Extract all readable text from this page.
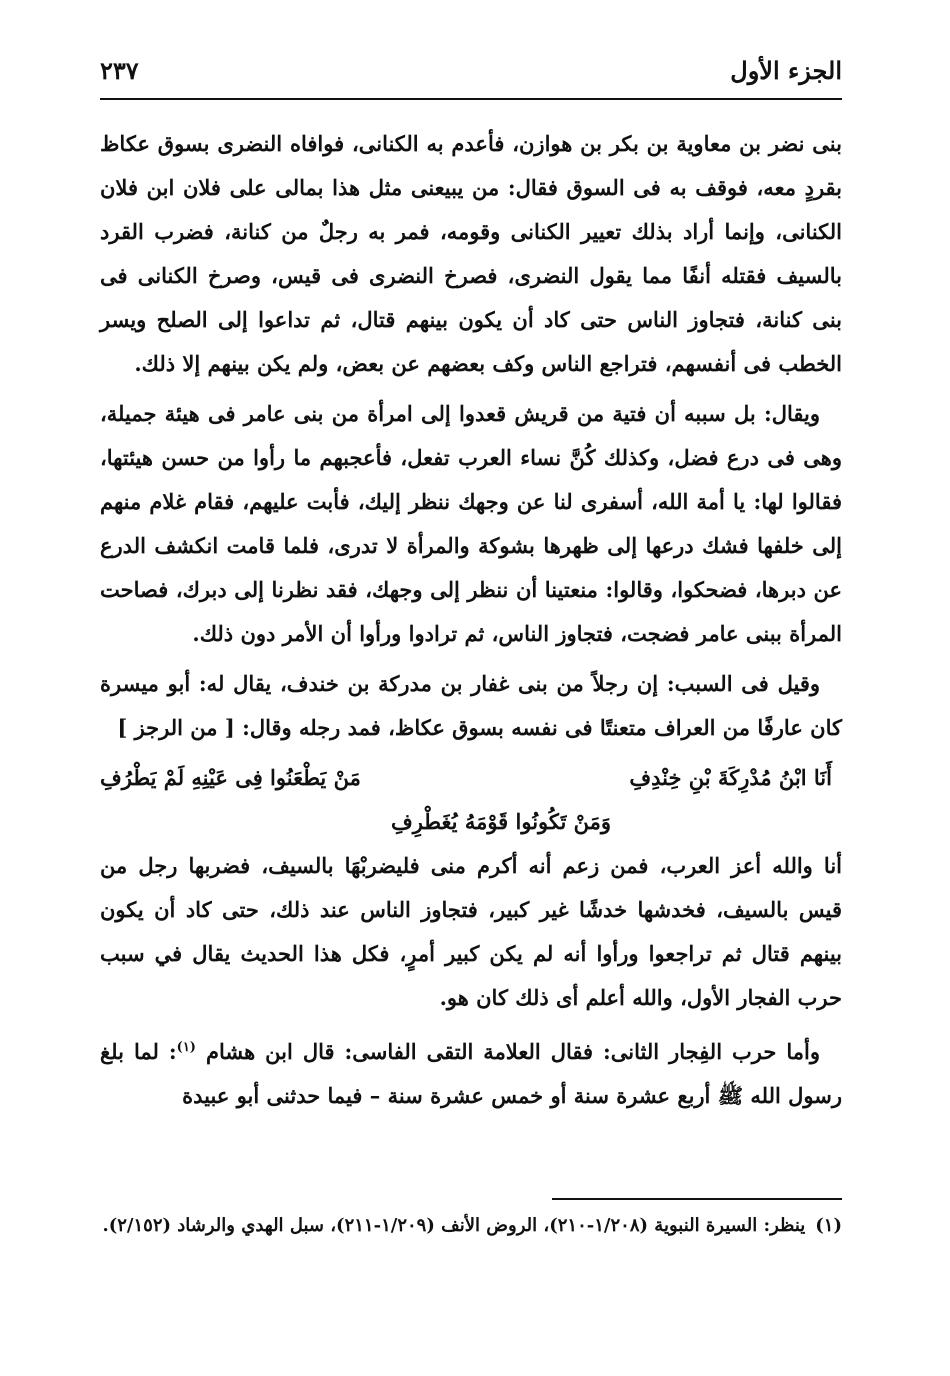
الجزء الأول
٢٣٧

بنى نضر بن معاوية بن بكر بن هوازن، فأعدم به الكنانى، فوافاه النضرى بسوق عكاظ بقردٍ معه، فوقف به فى السوق فقال: من يبيعنى مثل هذا بمالى على فلان ابن فلان الكنانى، وإنما أراد بذلك تعيير الكنانى وقومه، فمر به رجلٌ من كنانة، فضرب القرد بالسيف فقتله أنفًا مما يقول النضرى، فصرخ النضرى فى قيس، وصرخ الكنانى فى بنى كنانة، فتجاوز الناس حتى كاد أن يكون بينهم قتال، ثم تداعوا إلى الصلح ويسر الخطب فى أنفسهم، فتراجع الناس وكف بعضهم عن بعض، ولم يكن بينهم إلا ذلك.

ويقال: بل سببه أن فتية من قريش قعدوا إلى امرأة من بنى عامر فى هيئة جميلة، وهى فى درع فضل، وكذلك كُنَّ نساء العرب تفعل، فأعجبهم ما رأوا من حسن هيئتها، فقالوا لها: يا أمة الله، أسفرى لنا عن وجهك ننظر إليك، فأبت عليهم، فقام غلام منهم إلى خلفها فشك درعها إلى ظهرها بشوكة والمرأة لا تدرى، فلما قامت انكشف الدرع عن دبرها، فضحكوا، وقالوا: منعتينا أن ننظر إلى وجهك، فقد نظرنا إلى دبرك، فصاحت المرأة ببنى عامر فضجت، فتجاوز الناس، ثم ترادوا ورأوا أن الأمر دون ذلك.

وقيل فى السبب: إن رجلاً من بنى غفار بن مدركة بن خندف، يقال له: أبو ميسرة كان عارفًا من العراف متعنتًا فى نفسه بسوق عكاظ، فمد رجله وقال: [ من الرجز ]

أَنَا ابْنُ مُدْرِكَةَ بْنِ خِنْدِفِ
مَنْ يَطْعَنُوا فِى عَيْنِهِ لَمْ يَطْرُفِ
وَمَنْ تَكُونُوا قَوْمَهُ يُغَطْرِفِ

أنا والله أعز العرب، فمن زعم أنه أكرم منى فليضربْهَا بالسيف، فضربها رجل من قيس بالسيف، فخدشها خدشًا غير كبير، فتجاوز الناس عند ذلك، حتى كاد أن يكون بينهم قتال ثم تراجعوا ورأوا أنه لم يكن كبير أمرٍ، فكل هذا الحديث يقال في سبب حرب الفجار الأول، والله أعلم أى ذلك كان هو.

وأما حرب الفِجار الثانى: فقال العلامة التقى الفاسى: قال ابن هشام $^{(١)}$: لما بلغ رسول الله ﷺ أربع عشرة سنة أو خمس عشرة سنة – فيما حدثنى أبو عبيدة

(١)ينظر: السيرة النبوية (١/٢٠٨-٢١٠)، الروض الأنف (١/٢٠٩-٢١١)، سبل الهدي والرشاد (٢/١٥٢).
